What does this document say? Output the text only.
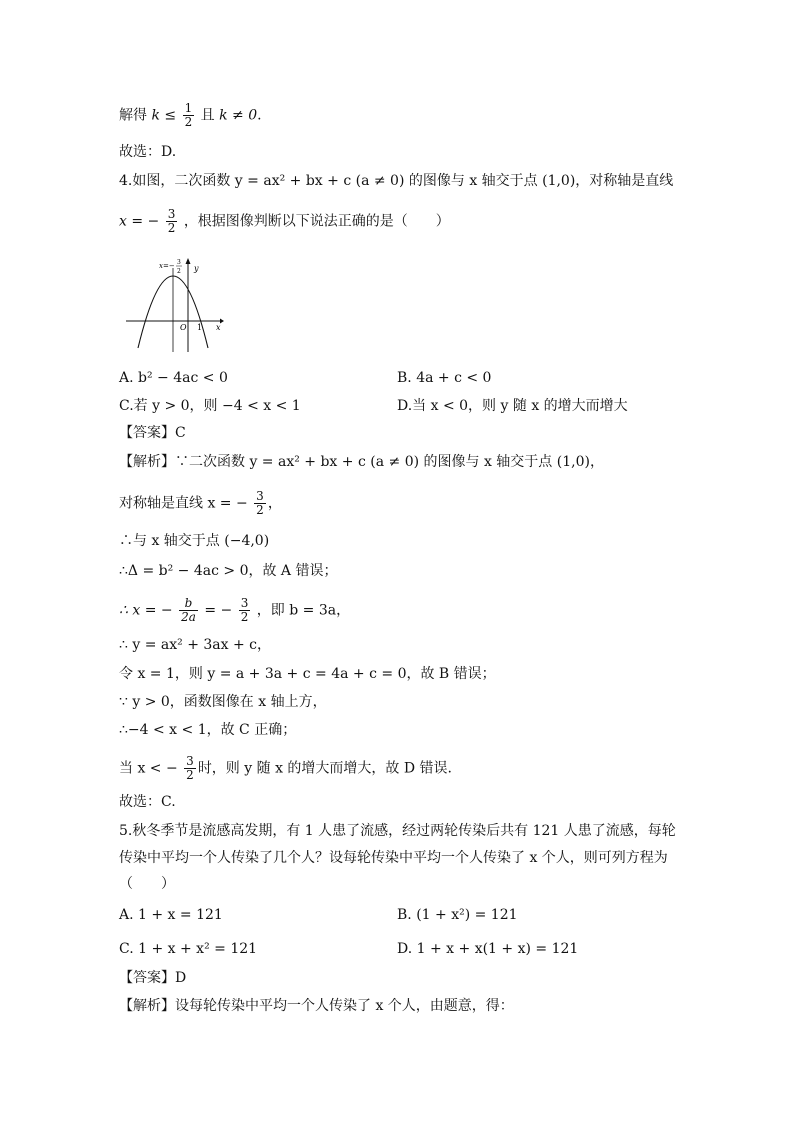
解得 $k \le \frac{1}{2}$ 且 k ≠ 0.
故选：D.
4.如图，二次函数 y = ax² + bx + c (a ≠ 0) 的图像与 x 轴交于点 (1,0)，对称轴是直线
x = − $\frac{3}{2}$ ，根据图像判断以下说法正确的是（　　）
x=− 3
2 y
x
O 1
A. b² − 4ac < 0	B. 4a + c < 0
C.若 y > 0，则 −4 < x < 1	D.当 x < 0，则 y 随 x 的增大而增大
【答案】C
【解析】∵二次函数 y = ax² + bx + c (a ≠ 0) 的图像与 x 轴交于点 (1,0)，
对称轴是直线 x = − $\frac{3}{2}$ ，
∴与 x 轴交于点 (−4,0)
∴Δ = b² − 4ac > 0，故 A 错误；
∴ x = − $\frac{b}{2a}$ = − $\frac{3}{2}$ ，即 b = 3a，
∴ y = ax² + 3ax + c，
令 x = 1，则 y = a + 3a + c = 4a + c = 0，故 B 错误；
∵ y > 0，函数图像在 x 轴上方，
∴−4 < x < 1，故 C 正确；
当 x < − $\frac{3}{2}$ 时，则 y 随 x 的增大而增大，故 D 错误.
故选：C.
5.秋冬季节是流感高发期，有 1 人患了流感，经过两轮传染后共有 121 人患了流感，每轮
传染中平均一个人传染了几个人？设每轮传染中平均一个人传染了 x 个人，则可列方程为
（　　）
A. 1 + x = 121	B. (1 + x²) = 121
C. 1 + x + x² = 121	D. 1 + x + x(1 + x) = 121
【答案】D
【解析】设每轮传染中平均一个人传染了 x 个人，由题意，得：
